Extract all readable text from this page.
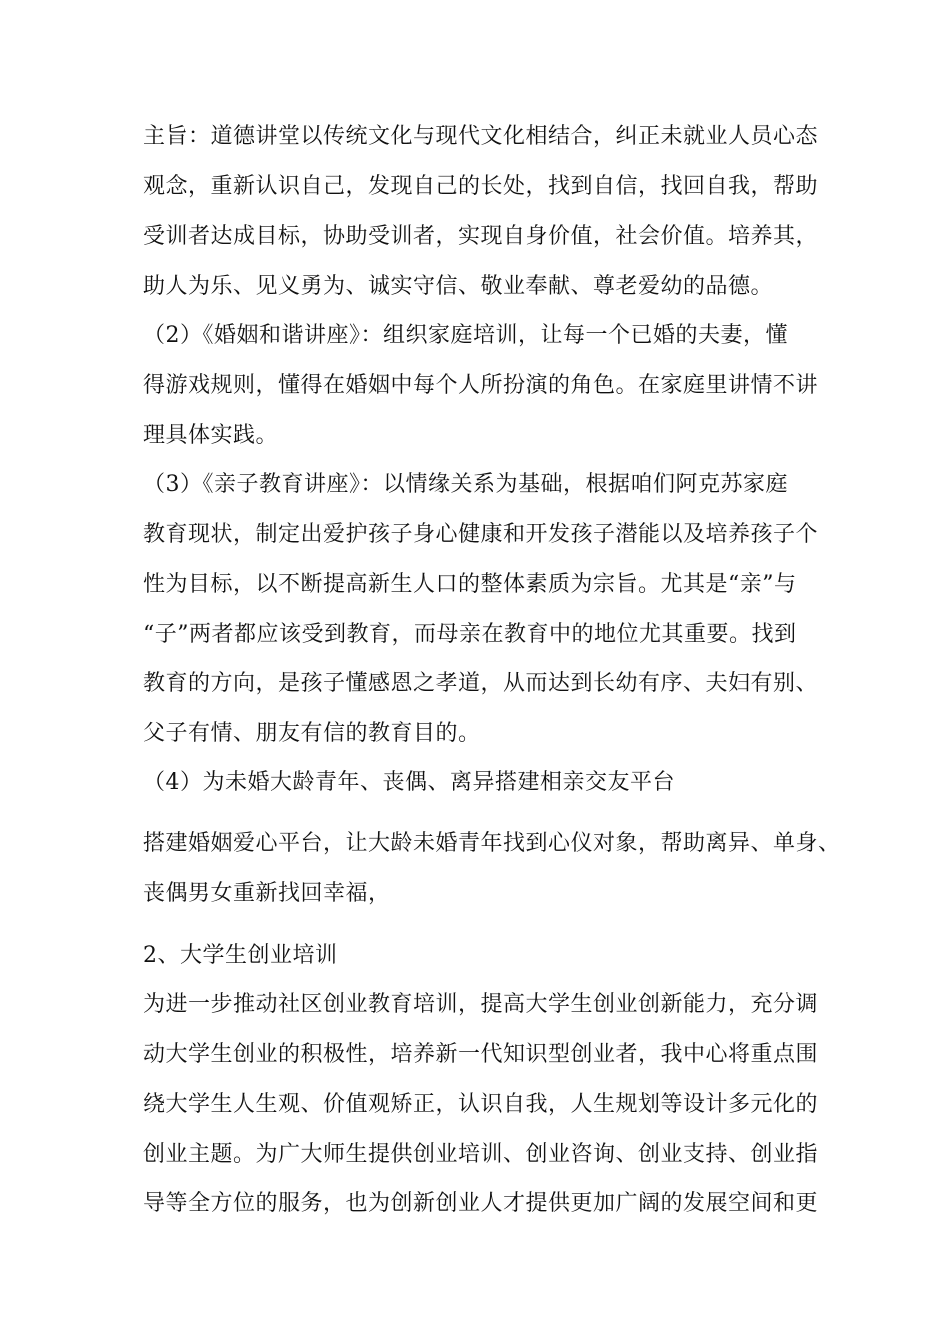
主旨：道德讲堂以传统文化与现代文化相结合，纠正未就业人员心态
观念，重新认识自己，发现自己的长处，找到自信，找回自我，帮助
受训者达成目标，协助受训者，实现自身价值，社会价值。培养其，
助人为乐、见义勇为、诚实守信、敬业奉献、尊老爱幼的品德。
（2）《婚姻和谐讲座》：组织家庭培训，让每一个已婚的夫妻，懂
得游戏规则，懂得在婚姻中每个人所扮演的角色。在家庭里讲情不讲
理具体实践。
（3）《亲子教育讲座》：以情缘关系为基础，根据咱们阿克苏家庭
教育现状，制定出爱护孩子身心健康和开发孩子潜能以及培养孩子个
性为目标，以不断提高新生人口的整体素质为宗旨。尤其是“亲”与
“子”两者都应该受到教育，而母亲在教育中的地位尤其重要。找到
教育的方向，是孩子懂感恩之孝道，从而达到长幼有序、夫妇有别、
父子有情、朋友有信的教育目的。
（4）为未婚大龄青年、丧偶、离异搭建相亲交友平台
搭建婚姻爱心平台，让大龄未婚青年找到心仪对象，帮助离异、单身、
丧偶男女重新找回幸福，
2、大学生创业培训
为进一步推动社区创业教育培训，提高大学生创业创新能力，充分调
动大学生创业的积极性，培养新一代知识型创业者，我中心将重点围
绕大学生人生观、价值观矫正，认识自我，人生规划等设计多元化的
创业主题。为广大师生提供创业培训、创业咨询、创业支持、创业指
导等全方位的服务，也为创新创业人才提供更加广阔的发展空间和更
